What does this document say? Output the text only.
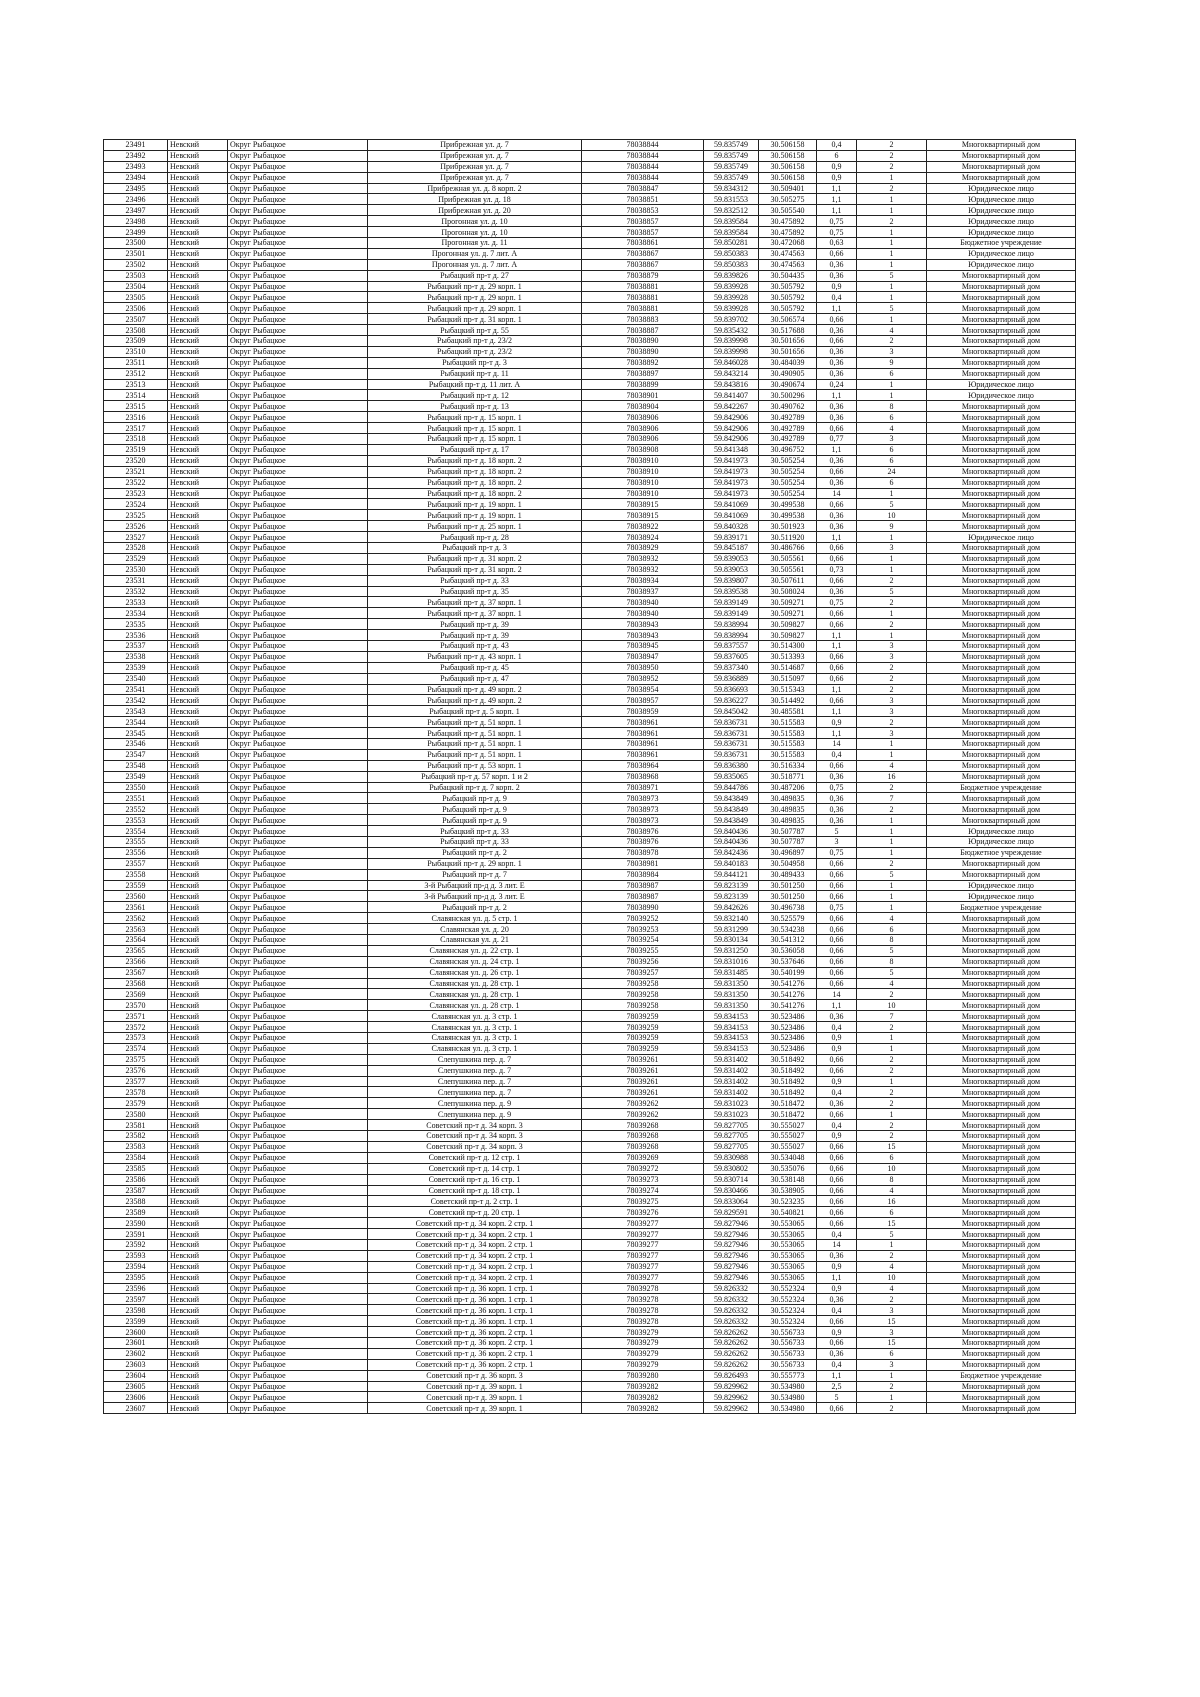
23491	Невский	Округ Рыбацкое	Прибрежная ул. д. 7	78038844	59.835749	30.506158	0,4	2	Многоквартирный дом
23492	Невский	Округ Рыбацкое	Прибрежная ул. д. 7	78038844	59.835749	30.506158	6	2	Многоквартирный дом
23493	Невский	Округ Рыбацкое	Прибрежная ул. д. 7	78038844	59.835749	30.506158	0,9	2	Многоквартирный дом
23494	Невский	Округ Рыбацкое	Прибрежная ул. д. 7	78038844	59.835749	30.506158	0,9	1	Многоквартирный дом
23495	Невский	Округ Рыбацкое	Прибрежная ул. д. 8 корп. 2	78038847	59.834312	30.509401	1,1	2	Юридическое лицо
23496	Невский	Округ Рыбацкое	Прибрежная ул. д. 18	78038851	59.831553	30.505275	1,1	1	Юридическое лицо
23497	Невский	Округ Рыбацкое	Прибрежная ул. д. 20	78038853	59.832512	30.505540	1,1	1	Юридическое лицо
23498	Невский	Округ Рыбацкое	Прогонная ул. д. 10	78038857	59.839584	30.475892	0,75	2	Юридическое лицо
23499	Невский	Округ Рыбацкое	Прогонная ул. д. 10	78038857	59.839584	30.475892	0,75	1	Юридическое лицо
23500	Невский	Округ Рыбацкое	Прогонная ул. д. 11	78038861	59.850281	30.472068	0,63	1	Бюджетное учреждение
23501	Невский	Округ Рыбацкое	Прогонная ул. д. 7 лит. А	78038867	59.850383	30.474563	0,66	1	Юридическое лицо
23502	Невский	Округ Рыбацкое	Прогонная ул. д. 7 лит. А	78038867	59.850383	30.474563	0,36	1	Юридическое лицо
23503	Невский	Округ Рыбацкое	Рыбацкий пр-т д. 27	78038879	59.839826	30.504435	0,36	5	Многоквартирный дом
23504	Невский	Округ Рыбацкое	Рыбацкий пр-т д. 29 корп. 1	78038881	59.839928	30.505792	0,9	1	Многоквартирный дом
23505	Невский	Округ Рыбацкое	Рыбацкий пр-т д. 29 корп. 1	78038881	59.839928	30.505792	0,4	1	Многоквартирный дом
23506	Невский	Округ Рыбацкое	Рыбацкий пр-т д. 29 корп. 1	78038881	59.839928	30.505792	1,1	5	Многоквартирный дом
23507	Невский	Округ Рыбацкое	Рыбацкий пр-т д. 31 корп. 1	78038883	59.839702	30.506574	0,66	1	Многоквартирный дом
23508	Невский	Округ Рыбацкое	Рыбацкий пр-т д. 55	78038887	59.835432	30.517688	0,36	4	Многоквартирный дом
23509	Невский	Округ Рыбацкое	Рыбацкий пр-т д. 23/2	78038890	59.839998	30.501656	0,66	2	Многоквартирный дом
23510	Невский	Округ Рыбацкое	Рыбацкий пр-т д. 23/2	78038890	59.839998	30.501656	0,36	3	Многоквартирный дом
23511	Невский	Округ Рыбацкое	Рыбацкий пр-т д. 3	78038892	59.846028	30.484039	0,36	9	Многоквартирный дом
23512	Невский	Округ Рыбацкое	Рыбацкий пр-т д. 11	78038897	59.843214	30.490905	0,36	6	Многоквартирный дом
23513	Невский	Округ Рыбацкое	Рыбацкий пр-т д. 11 лит. А	78038899	59.843816	30.490674	0,24	1	Юридическое лицо
23514	Невский	Округ Рыбацкое	Рыбацкий пр-т д. 12	78038901	59.841407	30.500296	1,1	1	Юридическое лицо
23515	Невский	Округ Рыбацкое	Рыбацкий пр-т д. 13	78038904	59.842267	30.490762	0,36	8	Многоквартирный дом
23516	Невский	Округ Рыбацкое	Рыбацкий пр-т д. 15 корп. 1	78038906	59.842906	30.492789	0,36	6	Многоквартирный дом
23517	Невский	Округ Рыбацкое	Рыбацкий пр-т д. 15 корп. 1	78038906	59.842906	30.492789	0,66	4	Многоквартирный дом
23518	Невский	Округ Рыбацкое	Рыбацкий пр-т д. 15 корп. 1	78038906	59.842906	30.492789	0,77	3	Многоквартирный дом
23519	Невский	Округ Рыбацкое	Рыбацкий пр-т д. 17	78038908	59.841348	30.496752	1,1	6	Многоквартирный дом
23520	Невский	Округ Рыбацкое	Рыбацкий пр-т д. 18 корп. 2	78038910	59.841973	30.505254	0,36	6	Многоквартирный дом
23521	Невский	Округ Рыбацкое	Рыбацкий пр-т д. 18 корп. 2	78038910	59.841973	30.505254	0,66	24	Многоквартирный дом
23522	Невский	Округ Рыбацкое	Рыбацкий пр-т д. 18 корп. 2	78038910	59.841973	30.505254	0,36	6	Многоквартирный дом
23523	Невский	Округ Рыбацкое	Рыбацкий пр-т д. 18 корп. 2	78038910	59.841973	30.505254	14	1	Многоквартирный дом
23524	Невский	Округ Рыбацкое	Рыбацкий пр-т д. 19 корп. 1	78038915	59.841069	30.499538	0,66	5	Многоквартирный дом
23525	Невский	Округ Рыбацкое	Рыбацкий пр-т д. 19 корп. 1	78038915	59.841069	30.499538	0,36	10	Многоквартирный дом
23526	Невский	Округ Рыбацкое	Рыбацкий пр-т д. 25 корп. 1	78038922	59.840328	30.501923	0,36	9	Многоквартирный дом
23527	Невский	Округ Рыбацкое	Рыбацкий пр-т д. 28	78038924	59.839171	30.511920	1,1	1	Юридическое лицо
23528	Невский	Округ Рыбацкое	Рыбацкий пр-т д. 3	78038929	59.845187	30.486766	0,66	3	Многоквартирный дом
23529	Невский	Округ Рыбацкое	Рыбацкий пр-т д. 31 корп. 2	78038932	59.839053	30.505561	0,66	1	Многоквартирный дом
23530	Невский	Округ Рыбацкое	Рыбацкий пр-т д. 31 корп. 2	78038932	59.839053	30.505561	0,73	1	Многоквартирный дом
23531	Невский	Округ Рыбацкое	Рыбацкий пр-т д. 33	78038934	59.839807	30.507611	0,66	2	Многоквартирный дом
23532	Невский	Округ Рыбацкое	Рыбацкий пр-т д. 35	78038937	59.839538	30.508024	0,36	5	Многоквартирный дом
23533	Невский	Округ Рыбацкое	Рыбацкий пр-т д. 37 корп. 1	78038940	59.839149	30.509271	0,75	2	Многоквартирный дом
23534	Невский	Округ Рыбацкое	Рыбацкий пр-т д. 37 корп. 1	78038940	59.839149	30.509271	0,66	1	Многоквартирный дом
23535	Невский	Округ Рыбацкое	Рыбацкий пр-т д. 39	78038943	59.838994	30.509827	0,66	2	Многоквартирный дом
23536	Невский	Округ Рыбацкое	Рыбацкий пр-т д. 39	78038943	59.838994	30.509827	1,1	1	Многоквартирный дом
23537	Невский	Округ Рыбацкое	Рыбацкий пр-т д. 43	78038945	59.837557	30.514300	1,1	3	Многоквартирный дом
23538	Невский	Округ Рыбацкое	Рыбацкий пр-т д. 43 корп. 1	78038947	59.837605	30.513393	0,66	3	Многоквартирный дом
23539	Невский	Округ Рыбацкое	Рыбацкий пр-т д. 45	78038950	59.837340	30.514687	0,66	2	Многоквартирный дом
23540	Невский	Округ Рыбацкое	Рыбацкий пр-т д. 47	78038952	59.836889	30.515097	0,66	2	Многоквартирный дом
23541	Невский	Округ Рыбацкое	Рыбацкий пр-т д. 49 корп. 2	78038954	59.836693	30.515343	1,1	2	Многоквартирный дом
23542	Невский	Округ Рыбацкое	Рыбацкий пр-т д. 49 корп. 2	78038957	59.836227	30.514492	0,66	3	Многоквартирный дом
23543	Невский	Округ Рыбацкое	Рыбацкий пр-т д. 5 корп. 1	78038959	59.845042	30.485581	1,1	3	Многоквартирный дом
23544	Невский	Округ Рыбацкое	Рыбацкий пр-т д. 51 корп. 1	78038961	59.836731	30.515583	0,9	2	Многоквартирный дом
23545	Невский	Округ Рыбацкое	Рыбацкий пр-т д. 51 корп. 1	78038961	59.836731	30.515583	1,1	3	Многоквартирный дом
23546	Невский	Округ Рыбацкое	Рыбацкий пр-т д. 51 корп. 1	78038961	59.836731	30.515583	14	1	Многоквартирный дом
23547	Невский	Округ Рыбацкое	Рыбацкий пр-т д. 51 корп. 1	78038961	59.836731	30.515583	0,4	1	Многоквартирный дом
23548	Невский	Округ Рыбацкое	Рыбацкий пр-т д. 53 корп. 1	78038964	59.836380	30.516334	0,66	4	Многоквартирный дом
23549	Невский	Округ Рыбацкое	Рыбацкий пр-т д. 57 корп. 1 и 2	78038968	59.835065	30.518771	0,36	16	Многоквартирный дом
23550	Невский	Округ Рыбацкое	Рыбацкий пр-т д. 7 корп. 2	78038971	59.844786	30.487206	0,75	2	Бюджетное учреждение
23551	Невский	Округ Рыбацкое	Рыбацкий пр-т д. 9	78038973	59.843849	30.489835	0,36	7	Многоквартирный дом
23552	Невский	Округ Рыбацкое	Рыбацкий пр-т д. 9	78038973	59.843849	30.489835	0,36	2	Многоквартирный дом
23553	Невский	Округ Рыбацкое	Рыбацкий пр-т д. 9	78038973	59.843849	30.489835	0,36	1	Многоквартирный дом
23554	Невский	Округ Рыбацкое	Рыбацкий пр-т д. 33	78038976	59.840436	30.507787	5	1	Юридическое лицо
23555	Невский	Округ Рыбацкое	Рыбацкий пр-т д. 33	78038976	59.840436	30.507787	3	1	Юридическое лицо
23556	Невский	Округ Рыбацкое	Рыбацкий пр-т д. 2	78038978	59.842436	30.496897	0,75	1	Бюджетное учреждение
23557	Невский	Округ Рыбацкое	Рыбацкий пр-т д. 29 корп. 1	78038981	59.840183	30.504958	0,66	2	Многоквартирный дом
23558	Невский	Округ Рыбацкое	Рыбацкий пр-т д. 7	78038984	59.844121	30.489433	0,66	5	Многоквартирный дом
23559	Невский	Округ Рыбацкое	3-й Рыбацкий пр-д д. 3 лит. Е	78038987	59.823139	30.501250	0,66	1	Юридическое лицо
23560	Невский	Округ Рыбацкое	3-й Рыбацкий пр-д д. 3 лит. Е	78038987	59.823139	30.501250	0,66	1	Юридическое лицо
23561	Невский	Округ Рыбацкое	Рыбацкий пр-т д. 2	78038990	59.842626	30.496738	0,75	1	Бюджетное учреждение
23562	Невский	Округ Рыбацкое	Славянская ул. д. 5 стр. 1	78039252	59.832140	30.525579	0,66	4	Многоквартирный дом
23563	Невский	Округ Рыбацкое	Славянская ул. д. 20	78039253	59.831299	30.534238	0,66	6	Многоквартирный дом
23564	Невский	Округ Рыбацкое	Славянская ул. д. 21	78039254	59.830134	30.541312	0,66	8	Многоквартирный дом
23565	Невский	Округ Рыбацкое	Славянская ул. д. 22 стр. 1	78039255	59.831250	30.536058	0,66	5	Многоквартирный дом
23566	Невский	Округ Рыбацкое	Славянская ул. д. 24 стр. 1	78039256	59.831016	30.537646	0,66	8	Многоквартирный дом
23567	Невский	Округ Рыбацкое	Славянская ул. д. 26 стр. 1	78039257	59.831485	30.540199	0,66	5	Многоквартирный дом
23568	Невский	Округ Рыбацкое	Славянская ул. д. 28 стр. 1	78039258	59.831350	30.541276	0,66	4	Многоквартирный дом
23569	Невский	Округ Рыбацкое	Славянская ул. д. 28 стр. 1	78039258	59.831350	30.541276	14	2	Многоквартирный дом
23570	Невский	Округ Рыбацкое	Славянская ул. д. 28 стр. 1	78039258	59.831350	30.541276	1,1	10	Многоквартирный дом
23571	Невский	Округ Рыбацкое	Славянская ул. д. 3 стр. 1	78039259	59.834153	30.523486	0,36	7	Многоквартирный дом
23572	Невский	Округ Рыбацкое	Славянская ул. д. 3 стр. 1	78039259	59.834153	30.523486	0,4	2	Многоквартирный дом
23573	Невский	Округ Рыбацкое	Славянская ул. д. 3 стр. 1	78039259	59.834153	30.523486	0,9	1	Многоквартирный дом
23574	Невский	Округ Рыбацкое	Славянская ул. д. 3 стр. 1	78039259	59.834153	30.523486	0,9	1	Многоквартирный дом
23575	Невский	Округ Рыбацкое	Слепушкина пер. д. 7	78039261	59.831402	30.518492	0,66	2	Многоквартирный дом
23576	Невский	Округ Рыбацкое	Слепушкина пер. д. 7	78039261	59.831402	30.518492	0,66	2	Многоквартирный дом
23577	Невский	Округ Рыбацкое	Слепушкина пер. д. 7	78039261	59.831402	30.518492	0,9	1	Многоквартирный дом
23578	Невский	Округ Рыбацкое	Слепушкина пер. д. 7	78039261	59.831402	30.518492	0,4	2	Многоквартирный дом
23579	Невский	Округ Рыбацкое	Слепушкина пер. д. 9	78039262	59.831023	30.518472	0,36	2	Многоквартирный дом
23580	Невский	Округ Рыбацкое	Слепушкина пер. д. 9	78039262	59.831023	30.518472	0,66	1	Многоквартирный дом
23581	Невский	Округ Рыбацкое	Советский пр-т д. 34 корп. 3	78039268	59.827705	30.555027	0,4	2	Многоквартирный дом
23582	Невский	Округ Рыбацкое	Советский пр-т д. 34 корп. 3	78039268	59.827705	30.555027	0,9	2	Многоквартирный дом
23583	Невский	Округ Рыбацкое	Советский пр-т д. 34 корп. 3	78039268	59.827705	30.555027	0,66	15	Многоквартирный дом
23584	Невский	Округ Рыбацкое	Советский пр-т д. 12 стр. 1	78039269	59.830988	30.534048	0,66	6	Многоквартирный дом
23585	Невский	Округ Рыбацкое	Советский пр-т д. 14 стр. 1	78039272	59.830802	30.535076	0,66	10	Многоквартирный дом
23586	Невский	Округ Рыбацкое	Советский пр-т д. 16 стр. 1	78039273	59.830714	30.538148	0,66	8	Многоквартирный дом
23587	Невский	Округ Рыбацкое	Советский пр-т д. 18 стр. 1	78039274	59.830466	30.538905	0,66	4	Многоквартирный дом
23588	Невский	Округ Рыбацкое	Советский пр-т д. 2 стр. 1	78039275	59.833064	30.523235	0,66	16	Многоквартирный дом
23589	Невский	Округ Рыбацкое	Советский пр-т д. 20 стр. 1	78039276	59.829591	30.540821	0,66	6	Многоквартирный дом
23590	Невский	Округ Рыбацкое	Советский пр-т д. 34 корп. 2 стр. 1	78039277	59.827946	30.553065	0,66	15	Многоквартирный дом
23591	Невский	Округ Рыбацкое	Советский пр-т д. 34 корп. 2 стр. 1	78039277	59.827946	30.553065	0,4	5	Многоквартирный дом
23592	Невский	Округ Рыбацкое	Советский пр-т д. 34 корп. 2 стр. 1	78039277	59.827946	30.553065	14	1	Многоквартирный дом
23593	Невский	Округ Рыбацкое	Советский пр-т д. 34 корп. 2 стр. 1	78039277	59.827946	30.553065	0,36	2	Многоквартирный дом
23594	Невский	Округ Рыбацкое	Советский пр-т д. 34 корп. 2 стр. 1	78039277	59.827946	30.553065	0,9	4	Многоквартирный дом
23595	Невский	Округ Рыбацкое	Советский пр-т д. 34 корп. 2 стр. 1	78039277	59.827946	30.553065	1,1	10	Многоквартирный дом
23596	Невский	Округ Рыбацкое	Советский пр-т д. 36 корп. 1 стр. 1	78039278	59.826332	30.552324	0,9	4	Многоквартирный дом
23597	Невский	Округ Рыбацкое	Советский пр-т д. 36 корп. 1 стр. 1	78039278	59.826332	30.552324	0,36	2	Многоквартирный дом
23598	Невский	Округ Рыбацкое	Советский пр-т д. 36 корп. 1 стр. 1	78039278	59.826332	30.552324	0,4	3	Многоквартирный дом
23599	Невский	Округ Рыбацкое	Советский пр-т д. 36 корп. 1 стр. 1	78039278	59.826332	30.552324	0,66	15	Многоквартирный дом
23600	Невский	Округ Рыбацкое	Советский пр-т д. 36 корп. 2 стр. 1	78039279	59.826262	30.556733	0,9	3	Многоквартирный дом
23601	Невский	Округ Рыбацкое	Советский пр-т д. 36 корп. 2 стр. 1	78039279	59.826262	30.556733	0,66	15	Многоквартирный дом
23602	Невский	Округ Рыбацкое	Советский пр-т д. 36 корп. 2 стр. 1	78039279	59.826262	30.556733	0,36	6	Многоквартирный дом
23603	Невский	Округ Рыбацкое	Советский пр-т д. 36 корп. 2 стр. 1	78039279	59.826262	30.556733	0,4	3	Многоквартирный дом
23604	Невский	Округ Рыбацкое	Советский пр-т д. 36 корп. 3	78039280	59.826493	30.555773	1,1	1	Бюджетное учреждение
23605	Невский	Округ Рыбацкое	Советский пр-т д. 39 корп. 1	78039282	59.829962	30.534980	2,5	2	Многоквартирный дом
23606	Невский	Округ Рыбацкое	Советский пр-т д. 39 корп. 1	78039282	59.829962	30.534980	5	1	Многоквартирный дом
23607	Невский	Округ Рыбацкое	Советский пр-т д. 39 корп. 1	78039282	59.829962	30.534980	0,66	2	Многоквартирный дом
